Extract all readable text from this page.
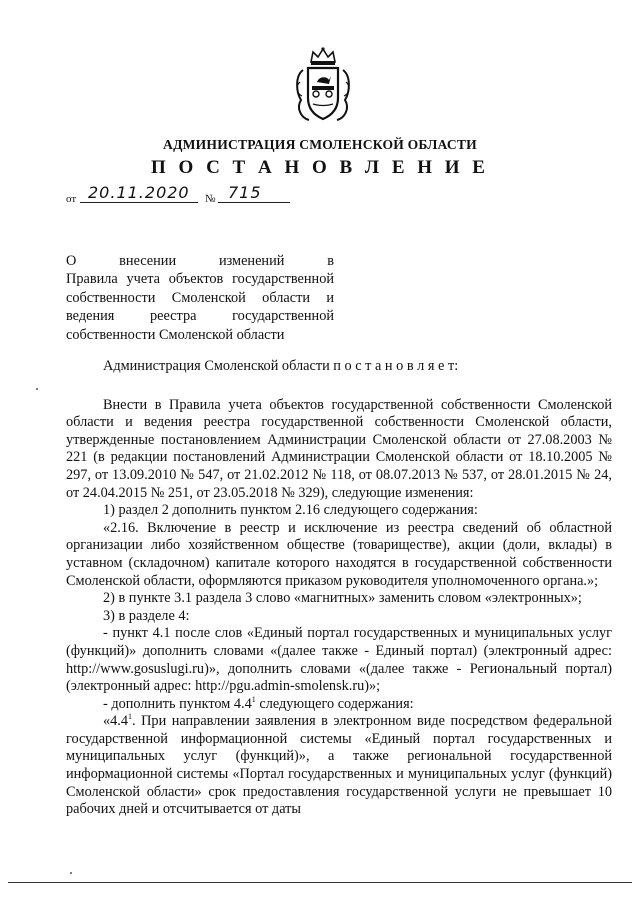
АДМИНИСТРАЦИЯ СМОЛЕНСКОЙ ОБЛАСТИ
П О С Т А Н О В Л Е Н И Е
от 20.11.2020 № 715
О внесении изменений в
Правила учета объектов государственной
собственности Смоленской области и
ведения реестра государственной
собственности Смоленской области
Администрация Смоленской области п о с т а н о в л я е т:

Внести в Правила учета объектов государственной собственности Смоленской области и ведения реестра государственной собственности Смоленской области, утвержденные постановлением Администрации Смоленской области от 27.08.2003 № 221 (в редакции постановлений Администрации Смоленской области от 18.10.2005 № 297, от 13.09.2010 № 547, от 21.02.2012 № 118, от 08.07.2013 № 537, от 28.01.2015 № 24, от 24.04.2015 № 251, от 23.05.2018 № 329), следующие изменения:

1) раздел 2 дополнить пунктом 2.16 следующего содержания:

«2.16. Включение в реестр и исключение из реестра сведений об областной организации либо хозяйственном обществе (товариществе), акции (доли, вклады) в уставном (складочном) капитале которого находятся в государственной собственности Смоленской области, оформляются приказом руководителя уполномоченного органа.»;

2) в пункте 3.1 раздела 3 слово «магнитных» заменить словом «электронных»;

3) в разделе 4:

- пункт 4.1 после слов «Единый портал государственных и муниципальных услуг (функций)» дополнить словами «(далее также - Единый портал) (электронный адрес: http://www.gosuslugi.ru)», дополнить словами «(далее также - Региональный портал) (электронный адрес: http://pgu.admin-smolensk.ru)»;

- дополнить пунктом $4.4^1$ следующего содержания:

«$4.4^1$. При направлении заявления в электронном виде посредством федеральной государственной информационной системы «Единый портал государственных и муниципальных услуг (функций)», а также региональной государственной информационной системы «Портал государственных и муниципальных услуг (функций) Смоленской области» срок предоставления государственной услуги не превышает 10 рабочих дней и отсчитывается от даты
